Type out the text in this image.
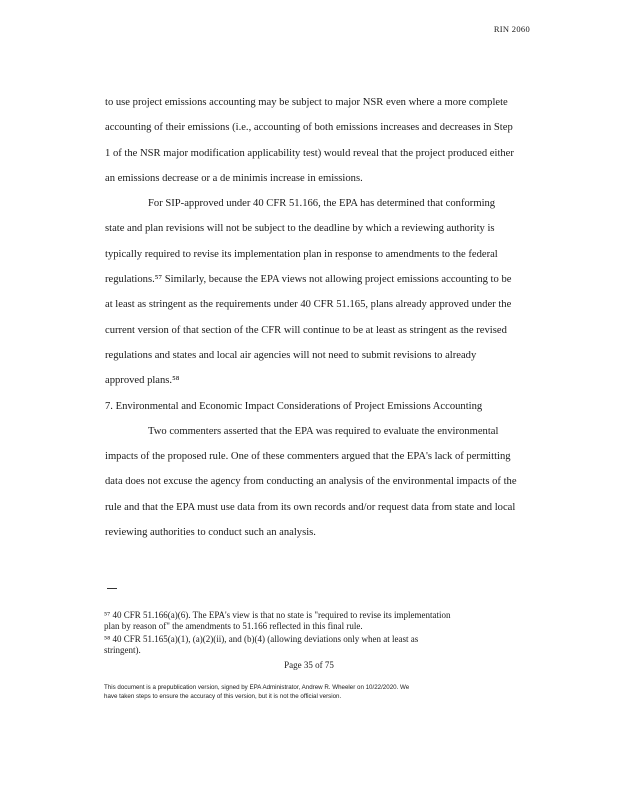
RIN 2060
to use project emissions accounting may be subject to major NSR even where a more complete
accounting of their emissions (i.e., accounting of both emissions increases and decreases in Step
1 of the NSR major modification applicability test) would reveal that the project produced either
an emissions decrease or a de minimis increase in emissions.
For SIP-approved under 40 CFR 51.166, the EPA has determined that conforming
state and plan revisions will not be subject to the deadline by which a reviewing authority is
typically required to revise its implementation plan in response to amendments to the federal
regulations.⁵⁷ Similarly, because the EPA views not allowing project emissions accounting to be
at least as stringent as the requirements under 40 CFR 51.165, plans already approved under the
current version of that section of the CFR will continue to be at least as stringent as the revised
regulations and states and local air agencies will not need to submit revisions to already
approved plans.⁵⁸
7. Environmental and Economic Impact Considerations of Project Emissions Accounting
Two commenters asserted that the EPA was required to evaluate the environmental
impacts of the proposed rule. One of these commenters argued that the EPA's lack of permitting
data does not excuse the agency from conducting an analysis of the environmental impacts of the
rule and that the EPA must use data from its own records and/or request data from state and local
reviewing authorities to conduct such an analysis.
⁵⁷ 40 CFR 51.166(a)(6). The EPA's view is that no state is "required to revise its implementation
plan by reason of" the amendments to 51.166 reflected in this final rule.
⁵⁸ 40 CFR 51.165(a)(1), (a)(2)(ii), and (b)(4) (allowing deviations only when at least as
stringent).
Page 35 of 75
This document is a prepublication version, signed by EPA Administrator, Andrew R. Wheeler on 10/22/2020. We
have taken steps to ensure the accuracy of this version, but it is not the official version.
